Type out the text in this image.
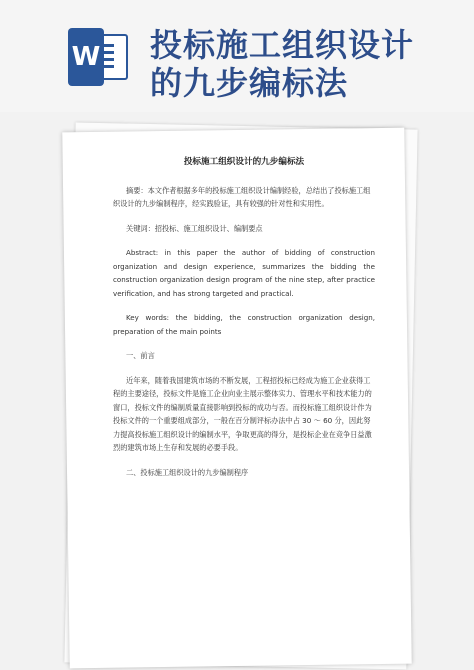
W 投标施工组织设计
的九步编标法
投标施工组织设计的九步编标法

摘要：本文作者根据多年的投标施工组织设计编制经验，总结出了投标施工组织设计的九步编制程序，经实践验证，具有较强的针对性和实用性。

关键词：招投标、施工组织设计、编制要点

Abstract: in this paper the author of bidding of construction organization and design experience, summarizes the bidding the construction organization design program of the nine step, after practice verification, and has strong targeted and practical.

Key words: the bidding, the construction organization design, preparation of the main points

一、前言

近年来，随着我国建筑市场的不断发展，工程招投标已经成为施工企业获得工程的主要途径，投标文件是施工企业向业主展示整体实力、管理水平和技术能力的窗口，投标文件的编制质量直接影响到投标的成功与否。而投标施工组织设计作为投标文件的一个重要组成部分，一般在百分制评标办法中占 30 ～ 60 分，因此努力提高投标施工组织设计的编制水平，争取更高的得分，是投标企业在竞争日益激烈的建筑市场上生存和发展的必要手段。

二、投标施工组织设计的九步编制程序
